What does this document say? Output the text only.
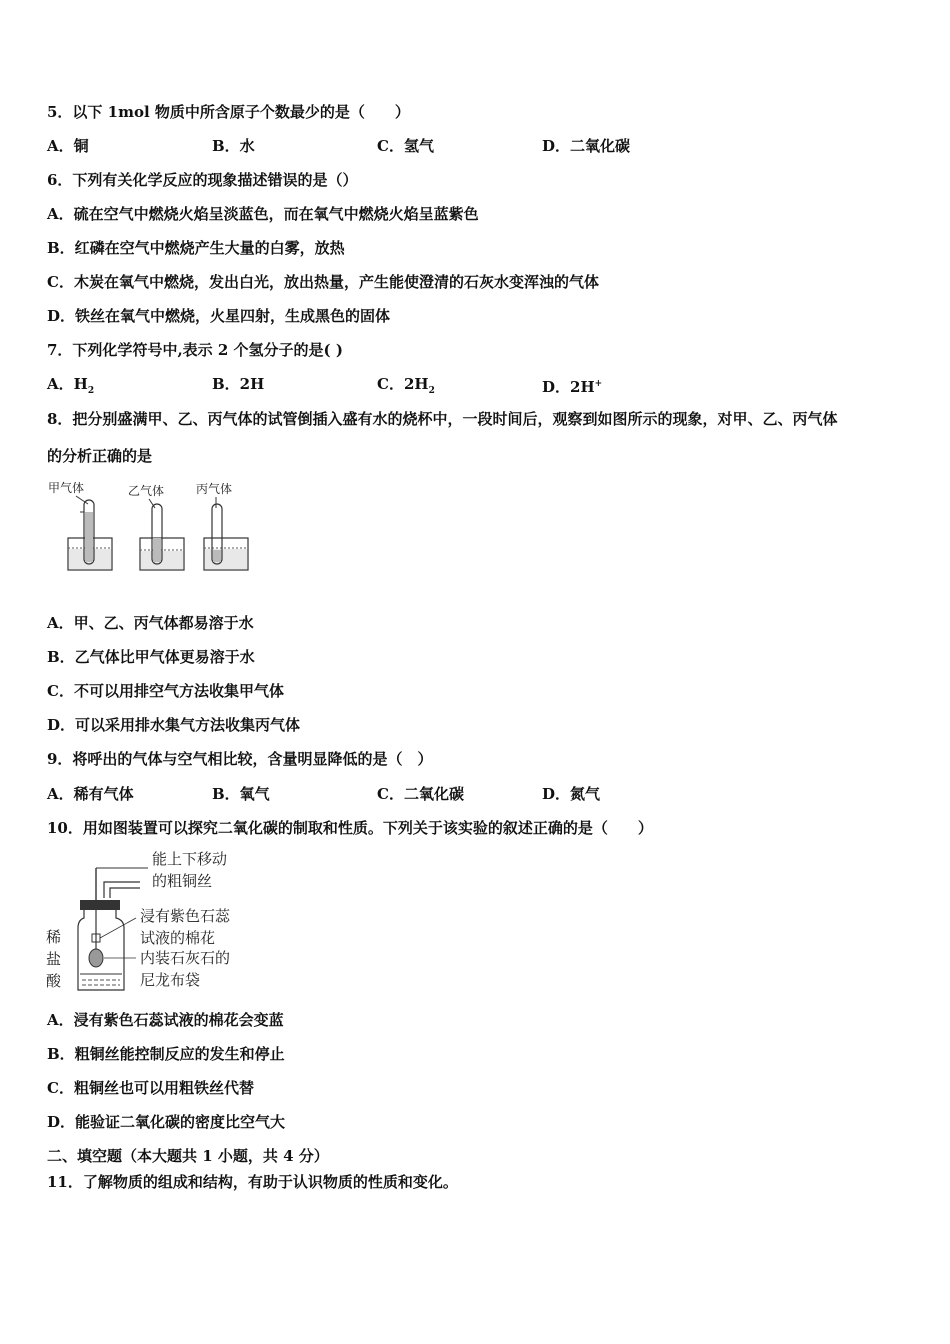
5．以下 1mol 物质中所含原子个数最少的是（　　）
A．铜	B．水	C．氢气	D．二氧化碳
6．下列有关化学反应的现象描述错误的是（）
A．硫在空气中燃烧火焰呈淡蓝色，而在氧气中燃烧火焰呈蓝紫色
B．红磷在空气中燃烧产生大量的白雾，放热
C．木炭在氧气中燃烧，发出白光，放出热量，产生能使澄清的石灰水变浑浊的气体
D．铁丝在氧气中燃烧，火星四射，生成黑色的固体
7．下列化学符号中,表示 2 个氢分子的是( )
A．$H_2$	B．2H	C．$2H_2$	D．2H+
8．把分别盛满甲、乙、丙气体的试管倒插入盛有水的烧杯中，一段时间后，观察到如图所示的现象，对甲、乙、丙气体
的分析正确的是
甲气体	乙气体	丙气体
A．甲、乙、丙气体都易溶于水
B．乙气体比甲气体更易溶于水
C．不可以用排空气方法收集甲气体
D．可以采用排水集气方法收集丙气体
9．将呼出的气体与空气相比较，含量明显降低的是（　）
A．稀有气体	B．氧气	C．二氧化碳	D．氮气
10．用如图装置可以探究二氧化碳的制取和性质。下列关于该实验的叙述正确的是（　　）
能上下移动
的粗铜丝
浸有紫色石蕊
试液的棉花
内装石灰石的
尼龙布袋
稀
盐
酸
A．浸有紫色石蕊试液的棉花会变蓝
B．粗铜丝能控制反应的发生和停止
C．粗铜丝也可以用粗铁丝代替
D．能验证二氧化碳的密度比空气大
二、填空题（本大题共 1 小题，共 4 分）
11．了解物质的组成和结构，有助于认识物质的性质和变化。
